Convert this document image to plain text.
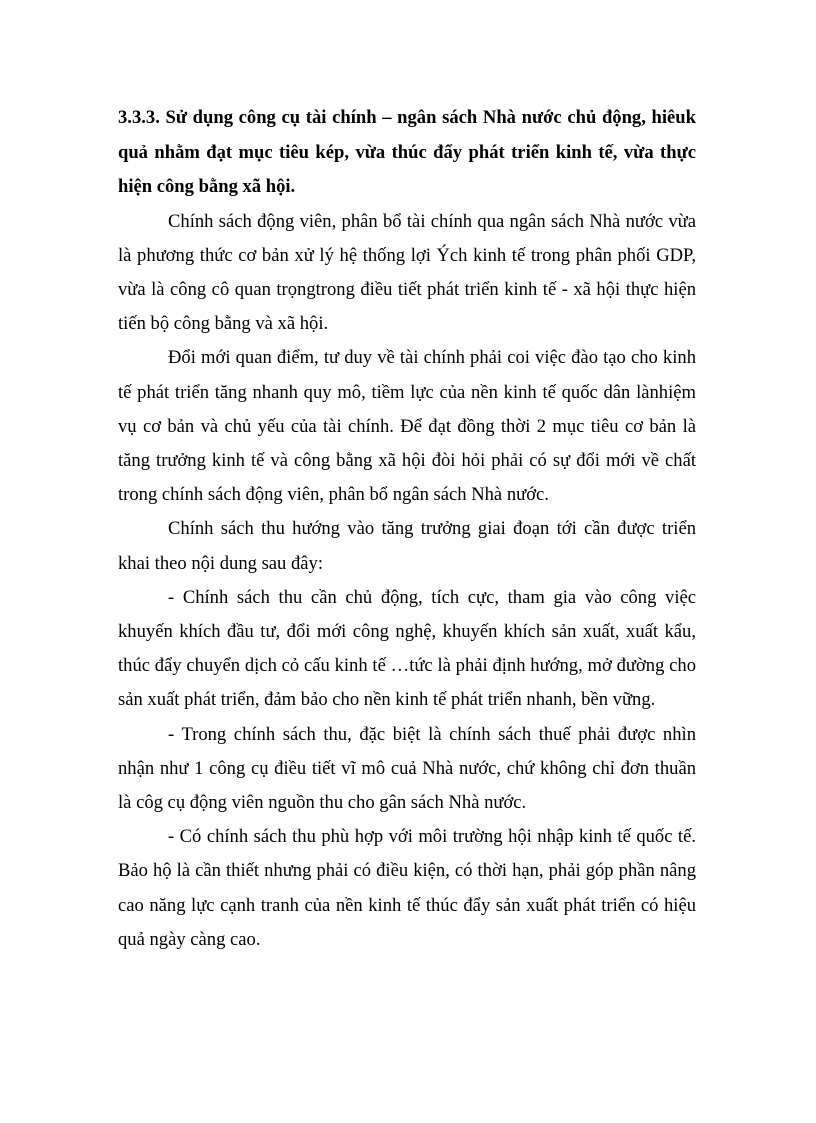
3.3.3. Sử dụng công cụ tài chính – ngân sách Nhà nước chủ động, hiêuk quả nhằm đạt mục tiêu kép, vừa thúc đẩy phát triển kinh tế, vừa thực hiện công bằng xã hội.

Chính sách động viên, phân bổ tài chính qua ngân sách Nhà nước vừa là phương thức cơ bản xử lý hệ thống lợi Ých kinh tế trong phân phối GDP, vừa là công cô quan trọngtrong điều tiết phát triển kinh tế - xã hội thực hiện tiến bộ công bằng và xã hội.

Đổi mới quan điểm, tư duy về tài chính phải coi việc đào tạo cho kinh tế phát triển tăng nhanh quy mô, tiềm lực của nền kinh tế quốc dân lànhiệm vụ cơ bản và chủ yếu của tài chính. Để đạt đồng thời 2 mục tiêu cơ bản là tăng trưởng kinh tế và công bằng xã hội đòi hỏi phải có sự đổi mới về chất trong chính sách động viên, phân bổ ngân sách Nhà nước.

Chính sách thu hướng vào tăng trưởng giai đoạn tới cần được triển khai theo nội dung sau đây:

- Chính sách thu cần chủ động, tích cực, tham gia vào công việc khuyến khích đầu tư, đổi mới công nghệ, khuyến khích sản xuất, xuất kẩu, thúc đẩy chuyển dịch cỏ cấu kinh tế …tức là phải định hướng, mở đường cho sản xuất phát triển, đảm bảo cho nền kinh tế phát triển nhanh, bền vững.

- Trong chính sách thu, đặc biệt là chính sách thuế phải được nhìn nhận như 1 công cụ điều tiết vĩ mô cuả Nhà nước, chứ không chỉ đơn thuần là côg cụ động viên nguồn thu cho gân sách Nhà nước.

- Có chính sách thu phù hợp với môi trường hội nhập kinh tế quốc tế. Bảo hộ là cần thiết nhưng phải có điều kiện, có thời hạn, phải góp phần nâng cao năng lực cạnh tranh của nền kinh tế thúc đẩy sản xuất phát triển có hiệu quả ngày càng cao.
